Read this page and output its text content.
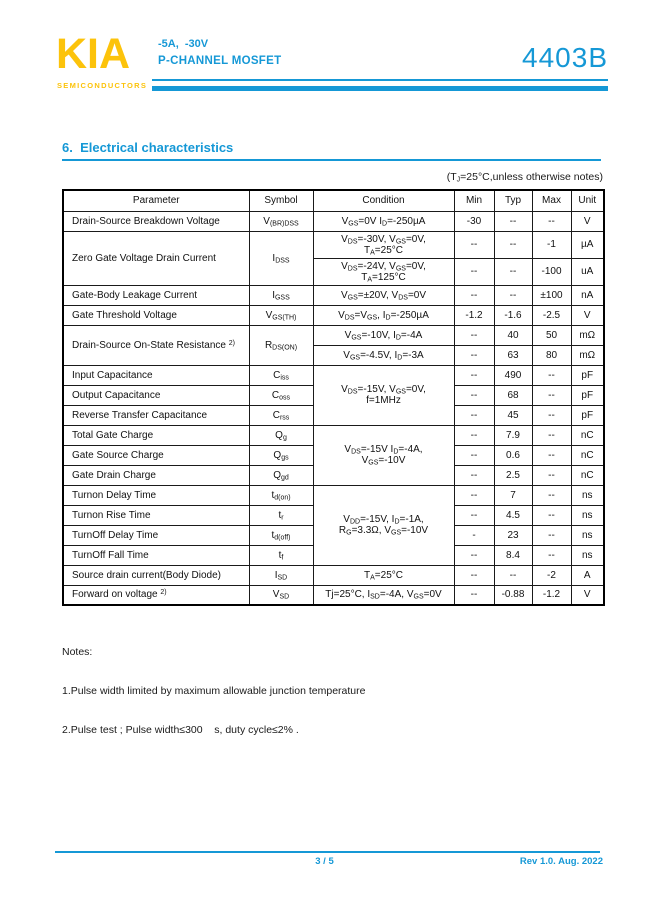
KIA
SEMICONDUCTORS
-5A,  -30V
P-CHANNEL MOSFET	4403B
6.  Electrical characteristics
($T_J=25^\circ C,unless$ otherwise notes)
Parameter	Symbol	Condition	Min	Typ	Max	Unit
Drain-Source Breakdown Voltage	$V_{(BR)DSS}$	$V_{GS}=0V$ $I_D=-250\mu A$	-30	--	--	V
Zero Gate Voltage Drain Current	$I_{DSS}$	$V_{DS}=-30V$, $V_{GS}=0V$,
$T_A=25^\circ C$	--	--	-1	µA
		$V_{DS}=-24V$, $V_{GS}=0V$,
$T_A=125^\circ C$	--	--	-100	uA
Gate-Body Leakage Current	$I_{GSS}$	$V_{GS}=\pm 20V$, $V_{DS}=0V$	--	--	±100	nA
Gate Threshold Voltage	$V_{GS(TH)}$	$V_{DS}=V_{GS}$, $I_D=-250\mu A$	-1.2	-1.6	-2.5	V
Drain-Source On-State Resistance $^{2)}$	$R_{DS(ON)}$	$V_{GS}=-10V$, $I_D=-4A$	--	40	50	mΩ
		$V_{GS}=-4.5V$, $I_D=-3A$	--	63	80	mΩ
Input Capacitance	$C_{iss}$	$V_{DS}=-15V$, $V_{GS}=0V$,
f=1MHz	--	490	--	pF
Output Capacitance	$C_{oss}$		--	68	--	pF
Reverse Transfer Capacitance	$C_{rss}$		--	45	--	pF
Total Gate Charge	$Q_g$	$V_{DS}=-15V$ $I_D=-4A$,
$V_{GS}=-10V$	--	7.9	--	nC
Gate Source Charge	$Q_{gs}$		--	0.6	--	nC
Gate Drain Charge	$Q_{gd}$		--	2.5	--	nC
Turnon Delay Time	$t_{d(on)}$	$V_{DD}=-15V$, $I_D=-1A$,
$R_G=3.3\Omega$, $V_{GS}=-10V$	--	7	--	ns
Turnon Rise Time	$t_r$		--	4.5	--	ns
TurnOff Delay Time	$t_{d(off)}$		-	23	--	ns
TurnOff Fall Time	$t_f$		--	8.4	--	ns
Source drain current(Body Diode)	$I_{SD}$	$T_A=25^\circ C$	--	--	-2	A
Forward on voltage $^{2)}$	$V_{SD}$	Tj=25°C, $I_{SD}=-4A$, $V_{GS}=0V$	--	-0.88	-1.2	V

Notes:

1.Pulse width limited by maximum allowable junction temperature

2.Pulse test ; Pulse width≤300    s, duty cycle≤2% .

3 / 5	Rev 1.0. Aug. 2022
